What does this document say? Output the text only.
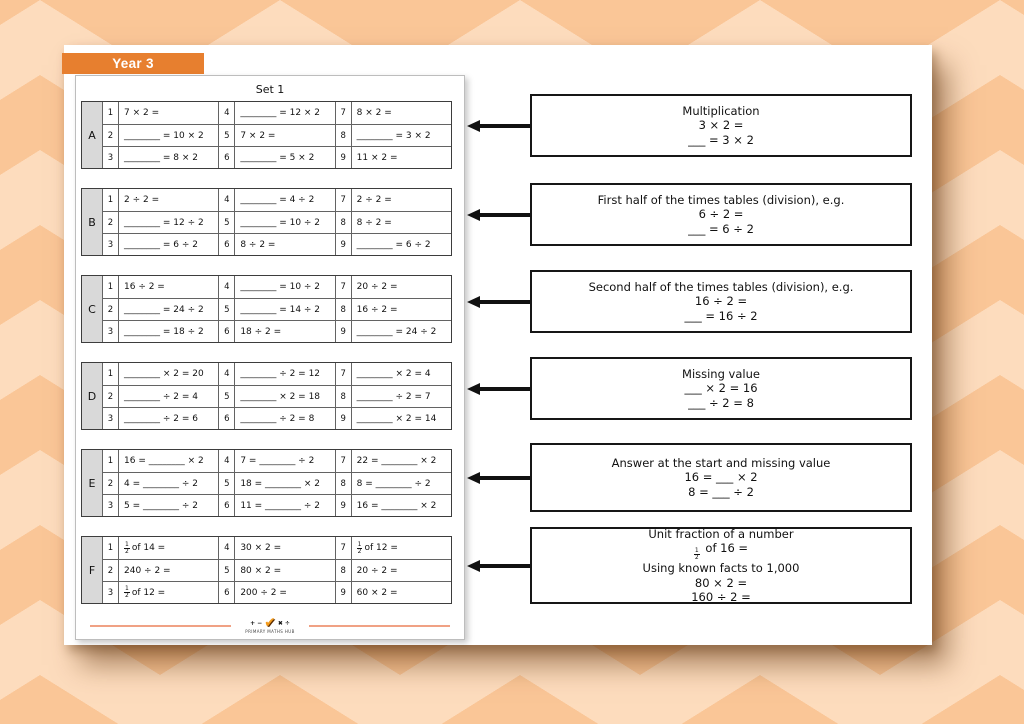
Year 3
Set 1
A
1	7 × 2 =	4	________ = 12 × 2	7	8 × 2 =
2	________ = 10 × 2	5	7 × 2 =	8	________ = 3 × 2
3	________ = 8 × 2	6	________ = 5 × 2	9	11 × 2 =
B
1	2 ÷ 2 =	4	________ = 4 ÷ 2	7	2 ÷ 2 =
2	________ = 12 ÷ 2	5	________ = 10 ÷ 2	8	8 ÷ 2 =
3	________ = 6 ÷ 2	6	8 ÷ 2 =	9	________ = 6 ÷ 2
C
1	16 ÷ 2 =	4	________ = 10 ÷ 2	7	20 ÷ 2 =
2	________ = 24 ÷ 2	5	________ = 14 ÷ 2	8	16 ÷ 2 =
3	________ = 18 ÷ 2	6	18 ÷ 2 =	9	________ = 24 ÷ 2
D
1	________ × 2 = 20	4	________ ÷ 2 = 12	7	________ × 2 = 4
2	________ ÷ 2 = 4	5	________ × 2 = 18	8	________ ÷ 2 = 7
3	________ ÷ 2 = 6	6	________ ÷ 2 = 8	9	________ × 2 = 14
E
1	16 = ________ × 2	4	7 = ________ ÷ 2	7	22 = ________ × 2
2	4 = ________ ÷ 2	5	18 = ________ × 2	8	8 = ________ ÷ 2
3	5 = ________ ÷ 2	6	11 = ________ ÷ 2	9	16 = ________ × 2
F
1	$\frac{1}{2}$ of 14 =	4	30 × 2 =	7	$\frac{1}{2}$ of 12 =
2	240 ÷ 2 =	5	80 × 2 =	8	20 ÷ 2 =
3	$\frac{1}{2}$ of 12 =	6	200 ÷ 2 =	9	60 × 2 =
+ − ✔ ✖ ÷
PRIMARY MATHS HUB
Multiplication
3 × 2 =
___ = 3 × 2
First half of the times tables (division), e.g.
6 ÷ 2 =
___ = 6 ÷ 2
Second half of the times tables (division), e.g.
16 ÷ 2 =
___ = 16 ÷ 2
Missing value
___ × 2 = 16
___ ÷ 2 = 8
Answer at the start and missing value
16 = ___ × 2
8 = ___ ÷ 2
Unit fraction of a number
$\frac{1}{2}$ of 16 =
Using known facts to 1,000
80 × 2 =
160 ÷ 2 =
